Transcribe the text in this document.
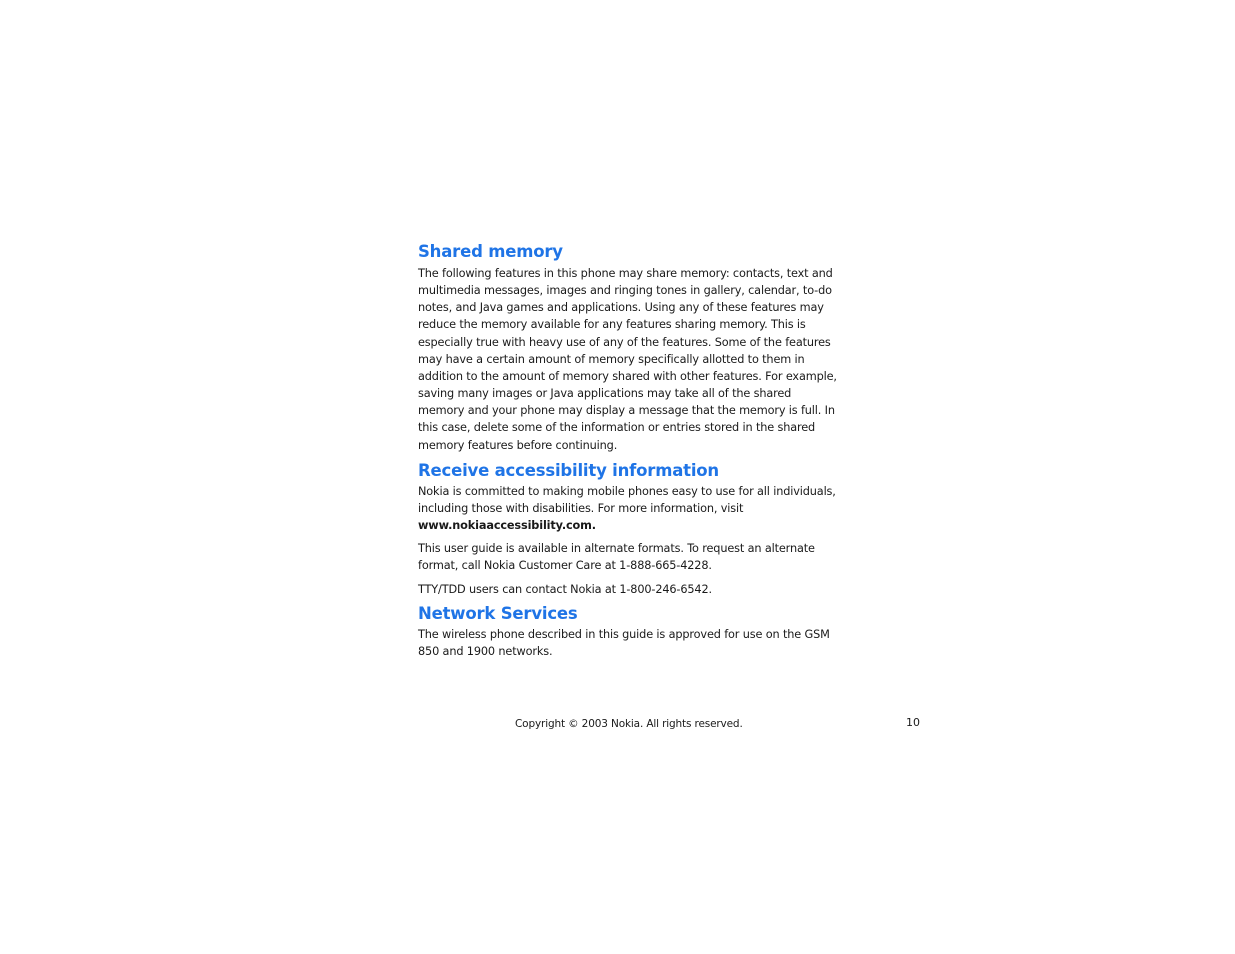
Shared memory

The following features in this phone may share memory: contacts, text and multimedia messages, images and ringing tones in gallery, calendar, to-do notes, and Java games and applications. Using any of these features may reduce the memory available for any features sharing memory. This is especially true with heavy use of any of the features. Some of the features may have a certain amount of memory specifically allotted to them in addition to the amount of memory shared with other features. For example, saving many images or Java applications may take all of the shared memory and your phone may display a message that the memory is full. In this case, delete some of the information or entries stored in the shared memory features before continuing.

Receive accessibility information

Nokia is committed to making mobile phones easy to use for all individuals, including those with disabilities. For more information, visit
www.nokiaaccessibility.com.

This user guide is available in alternate formats. To request an alternate format, call Nokia Customer Care at 1-888-665-4228.

TTY/TDD users can contact Nokia at 1-800-246-6542.

Network Services

The wireless phone described in this guide is approved for use on the GSM 850 and 1900 networks.

Copyright © 2003 Nokia. All rights reserved.	10
